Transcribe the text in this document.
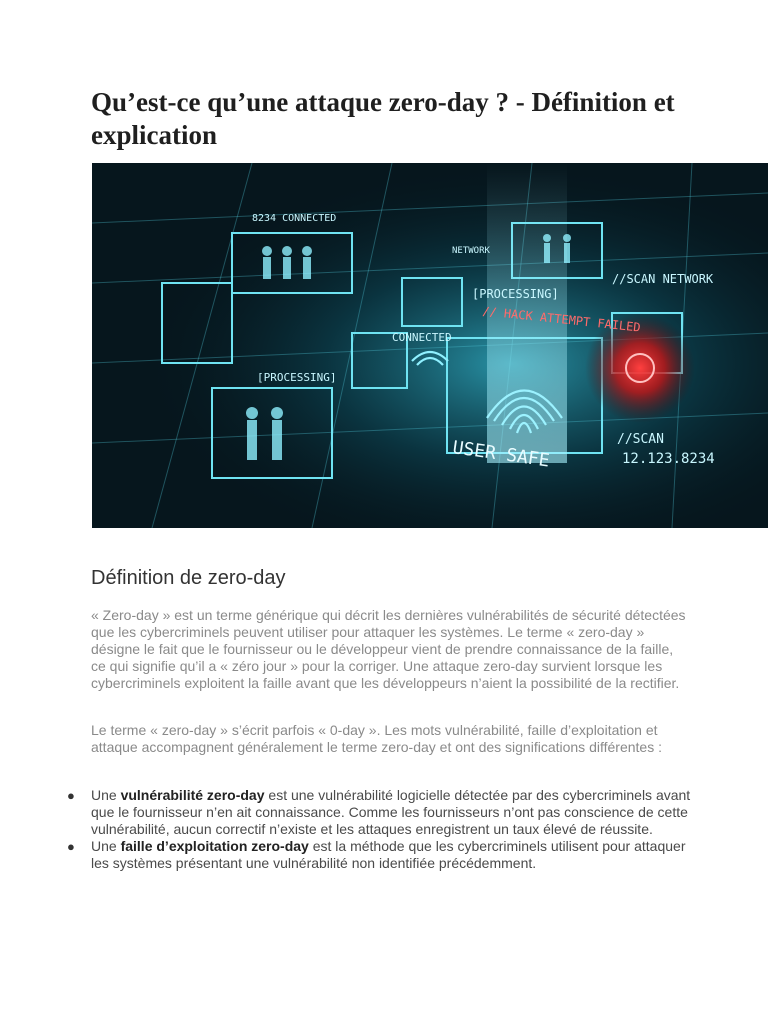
Qu’est-ce qu’une attaque zero-day ? - Définition et explication
8234 CONNECTED
NETWORK
[PROCESSING]
[PROCESSING]
CONNECTED
//SCAN NETWORK
USER SAFE	//SCAN
12.123.8234
// HACK ATTEMPT FAILED
Définition de zero-day

« Zero-day » est un terme générique qui décrit les dernières vulnérabilités de sécurité détectées que les cybercriminels peuvent utiliser pour attaquer les systèmes. Le terme « zero-day » désigne le fait que le fournisseur ou le développeur vient de prendre connaissance de la faille, ce qui signifie qu’il a « zéro jour » pour la corriger. Une attaque zero-day survient lorsque les cybercriminels exploitent la faille avant que les développeurs n’aient la possibilité de la rectifier.

Le terme « zero-day » s’écrit parfois « 0-day ». Les mots vulnérabilité, faille d’exploitation et attaque accompagnent généralement le terme zero-day et ont des significations différentes :

● Une vulnérabilité zero-day est une vulnérabilité logicielle détectée par des cybercriminels avant que le fournisseur n’en ait connaissance. Comme les fournisseurs n’ont pas conscience de cette vulnérabilité, aucun correctif n’existe et les attaques enregistrent un taux élevé de réussite.
● Une faille d’exploitation zero-day est la méthode que les cybercriminels utilisent pour attaquer les systèmes présentant une vulnérabilité non identifiée précédemment.
